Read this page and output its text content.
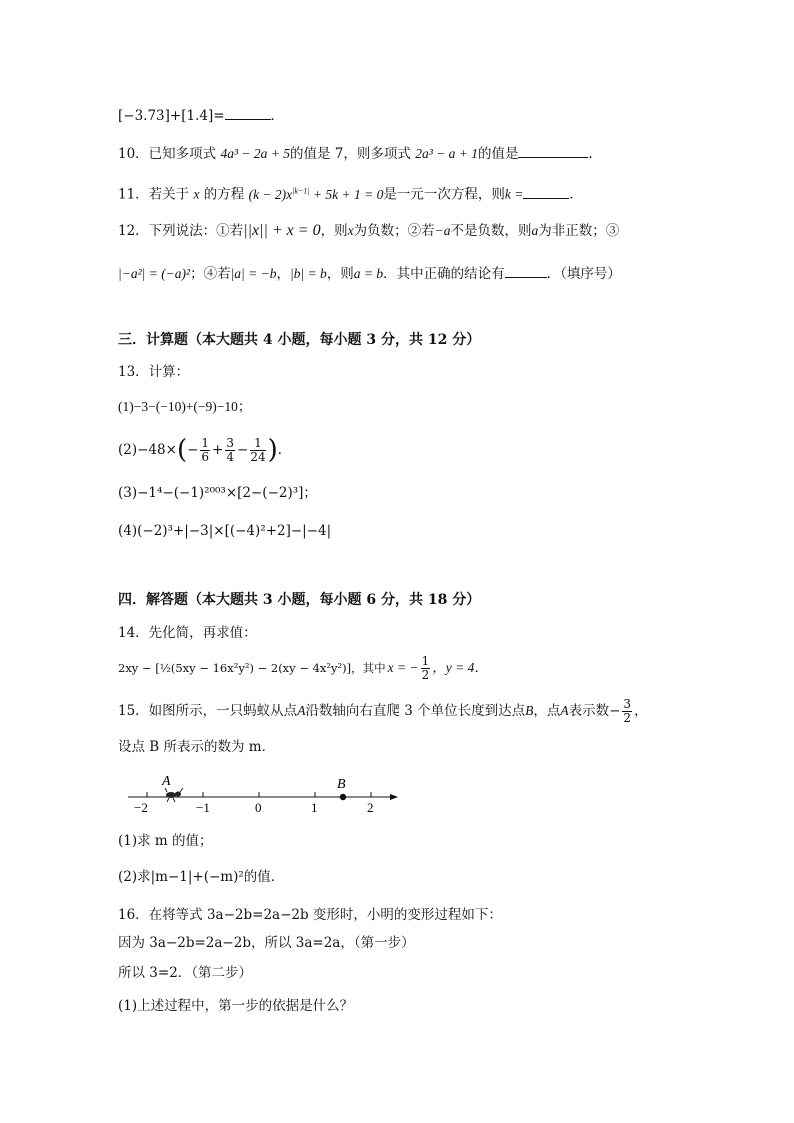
[−3.73]+[1.4]=	．
10．已知多项式 4a³ − 2a + 5的值是 7，则多项式 2a³ − a + 1的值是	．
11．若关于 x 的方程 $(k - 2)x^{|k-1|} + 5k + 1 = 0$是一元一次方程，则k =	．
12．下列说法：①若||x|| + x = 0，则x为负数；②若−a不是负数，则a为非正数；③
|−a²| = (−a)²；④若|a| = −b，|b| = b，则a = b．其中正确的结论有	．（填序号）
三．计算题（本大题共 4 小题，每小题 3 分，共 12 分）
13．计算：
(1)−3−(−10)+(−9)−10；
(2)−48× ( − $\frac{1}{6} + \frac{3}{4} - \frac{1}{24}$ ) ．
(3)−1⁴−(−1)²⁰⁰³×[2−(−2)³]；
(4)(−2)³+|−3|×[(−4)²+2]−|−4|
四．解答题（本大题共 3 小题，每小题 6 分，共 18 分）
14．先化简，再求值：
2xy − [½(5xy − 16x²y²) − 2(xy − 4x²y²)]，其中 x = − $\frac{1}{2}$ ，y = 4．
15．如图所示，一只蚂蚁从点 A 沿数轴向右直爬 3 个单位长度到达点 B ，点 A 表示数 − $\frac{3}{2}$ ，
设点 B 所表示的数为 m．
−2	−1	0	1	2
A	B
(1)求 m 的值；
(2)求|m−1|+(−m)²的值．
16．在将等式 3a−2b=2a−2b 变形时，小明的变形过程如下：
因为 3a−2b=2a−2b，所以 3a=2a，（第一步）
所以 3=2．（第二步）
(1)上述过程中，第一步的依据是什么？
